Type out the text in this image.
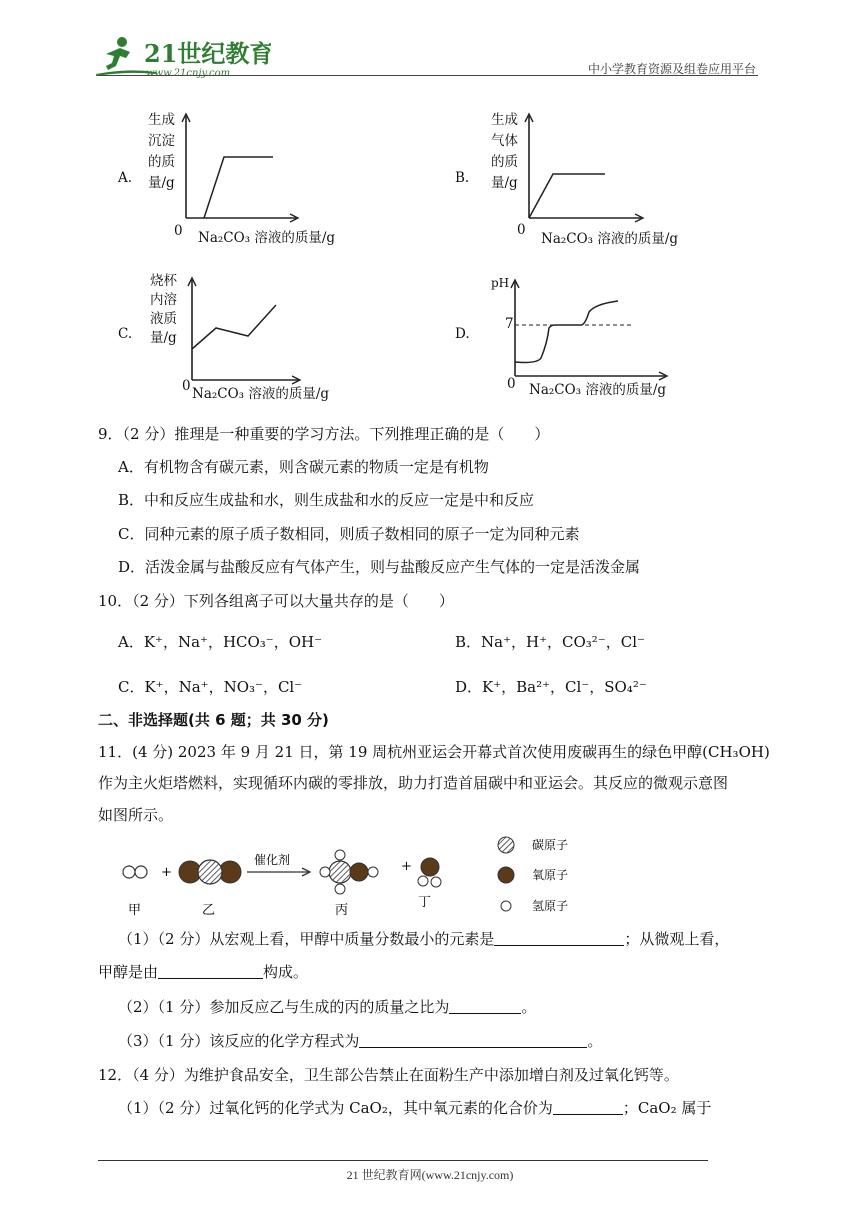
21世纪教育
www.21cnjy.com	中小学教育资源及组卷应用平台
A.
生成
沉淀
的质
量/g
0 Na₂CO₃ 溶液的质量/g
B.
生成
气体
的质
量/g
0
Na₂CO₃ 溶液的质量/g
C.
烧杯
内溶
液质
量/g
0 Na₂CO₃ 溶液的质量/g
D.
pH
7
0 Na₂CO₃ 溶液的质量/g
9．（2 分）推理是一种重要的学习方法。下列推理正确的是（　　）
A．有机物含有碳元素，则含碳元素的物质一定是有机物
B．中和反应生成盐和水，则生成盐和水的反应一定是中和反应
C．同种元素的原子质子数相同，则质子数相同的原子一定为同种元素
D．活泼金属与盐酸反应有气体产生，则与盐酸反应产生气体的一定是活泼金属
10．（2 分）下列各组离子可以大量共存的是（　　）
A．K⁺，Na⁺，HCO₃⁻，OH⁻	B．Na⁺，H⁺，CO₃²⁻，Cl⁻
C．K⁺，Na⁺，NO₃⁻，Cl⁻	D．K⁺，Ba²⁺，Cl⁻，SO₄²⁻
二、非选择题(共 6 题；共 30 分)
11．(4 分) 2023 年 9 月 21 日，第 19 周杭州亚运会开幕式首次使用废碳再生的绿色甲醇(CH₃OH)
作为主火炬塔燃料，实现循环内碳的零排放，助力打造首届碳中和亚运会。其反应的微观示意图
如图所示。
+
催化剂	+
甲	乙	丙
丁
碳原子
氧原子
氢原子
（1）（2 分）从宏观上看，甲醇中质量分数最小的元素是	；从微观上看，
甲醇是由	构成。
（2）（1 分）参加反应乙与生成的丙的质量之比为	。
（3）（1 分）该反应的化学方程式为	。
12．（4 分）为维护食品安全，卫生部公告禁止在面粉生产中添加增白剂及过氧化钙等。
（1）（2 分）过氧化钙的化学式为 CaO₂，其中氧元素的化合价为	；CaO₂ 属于
21 世纪教育网(www.21cnjy.com)
